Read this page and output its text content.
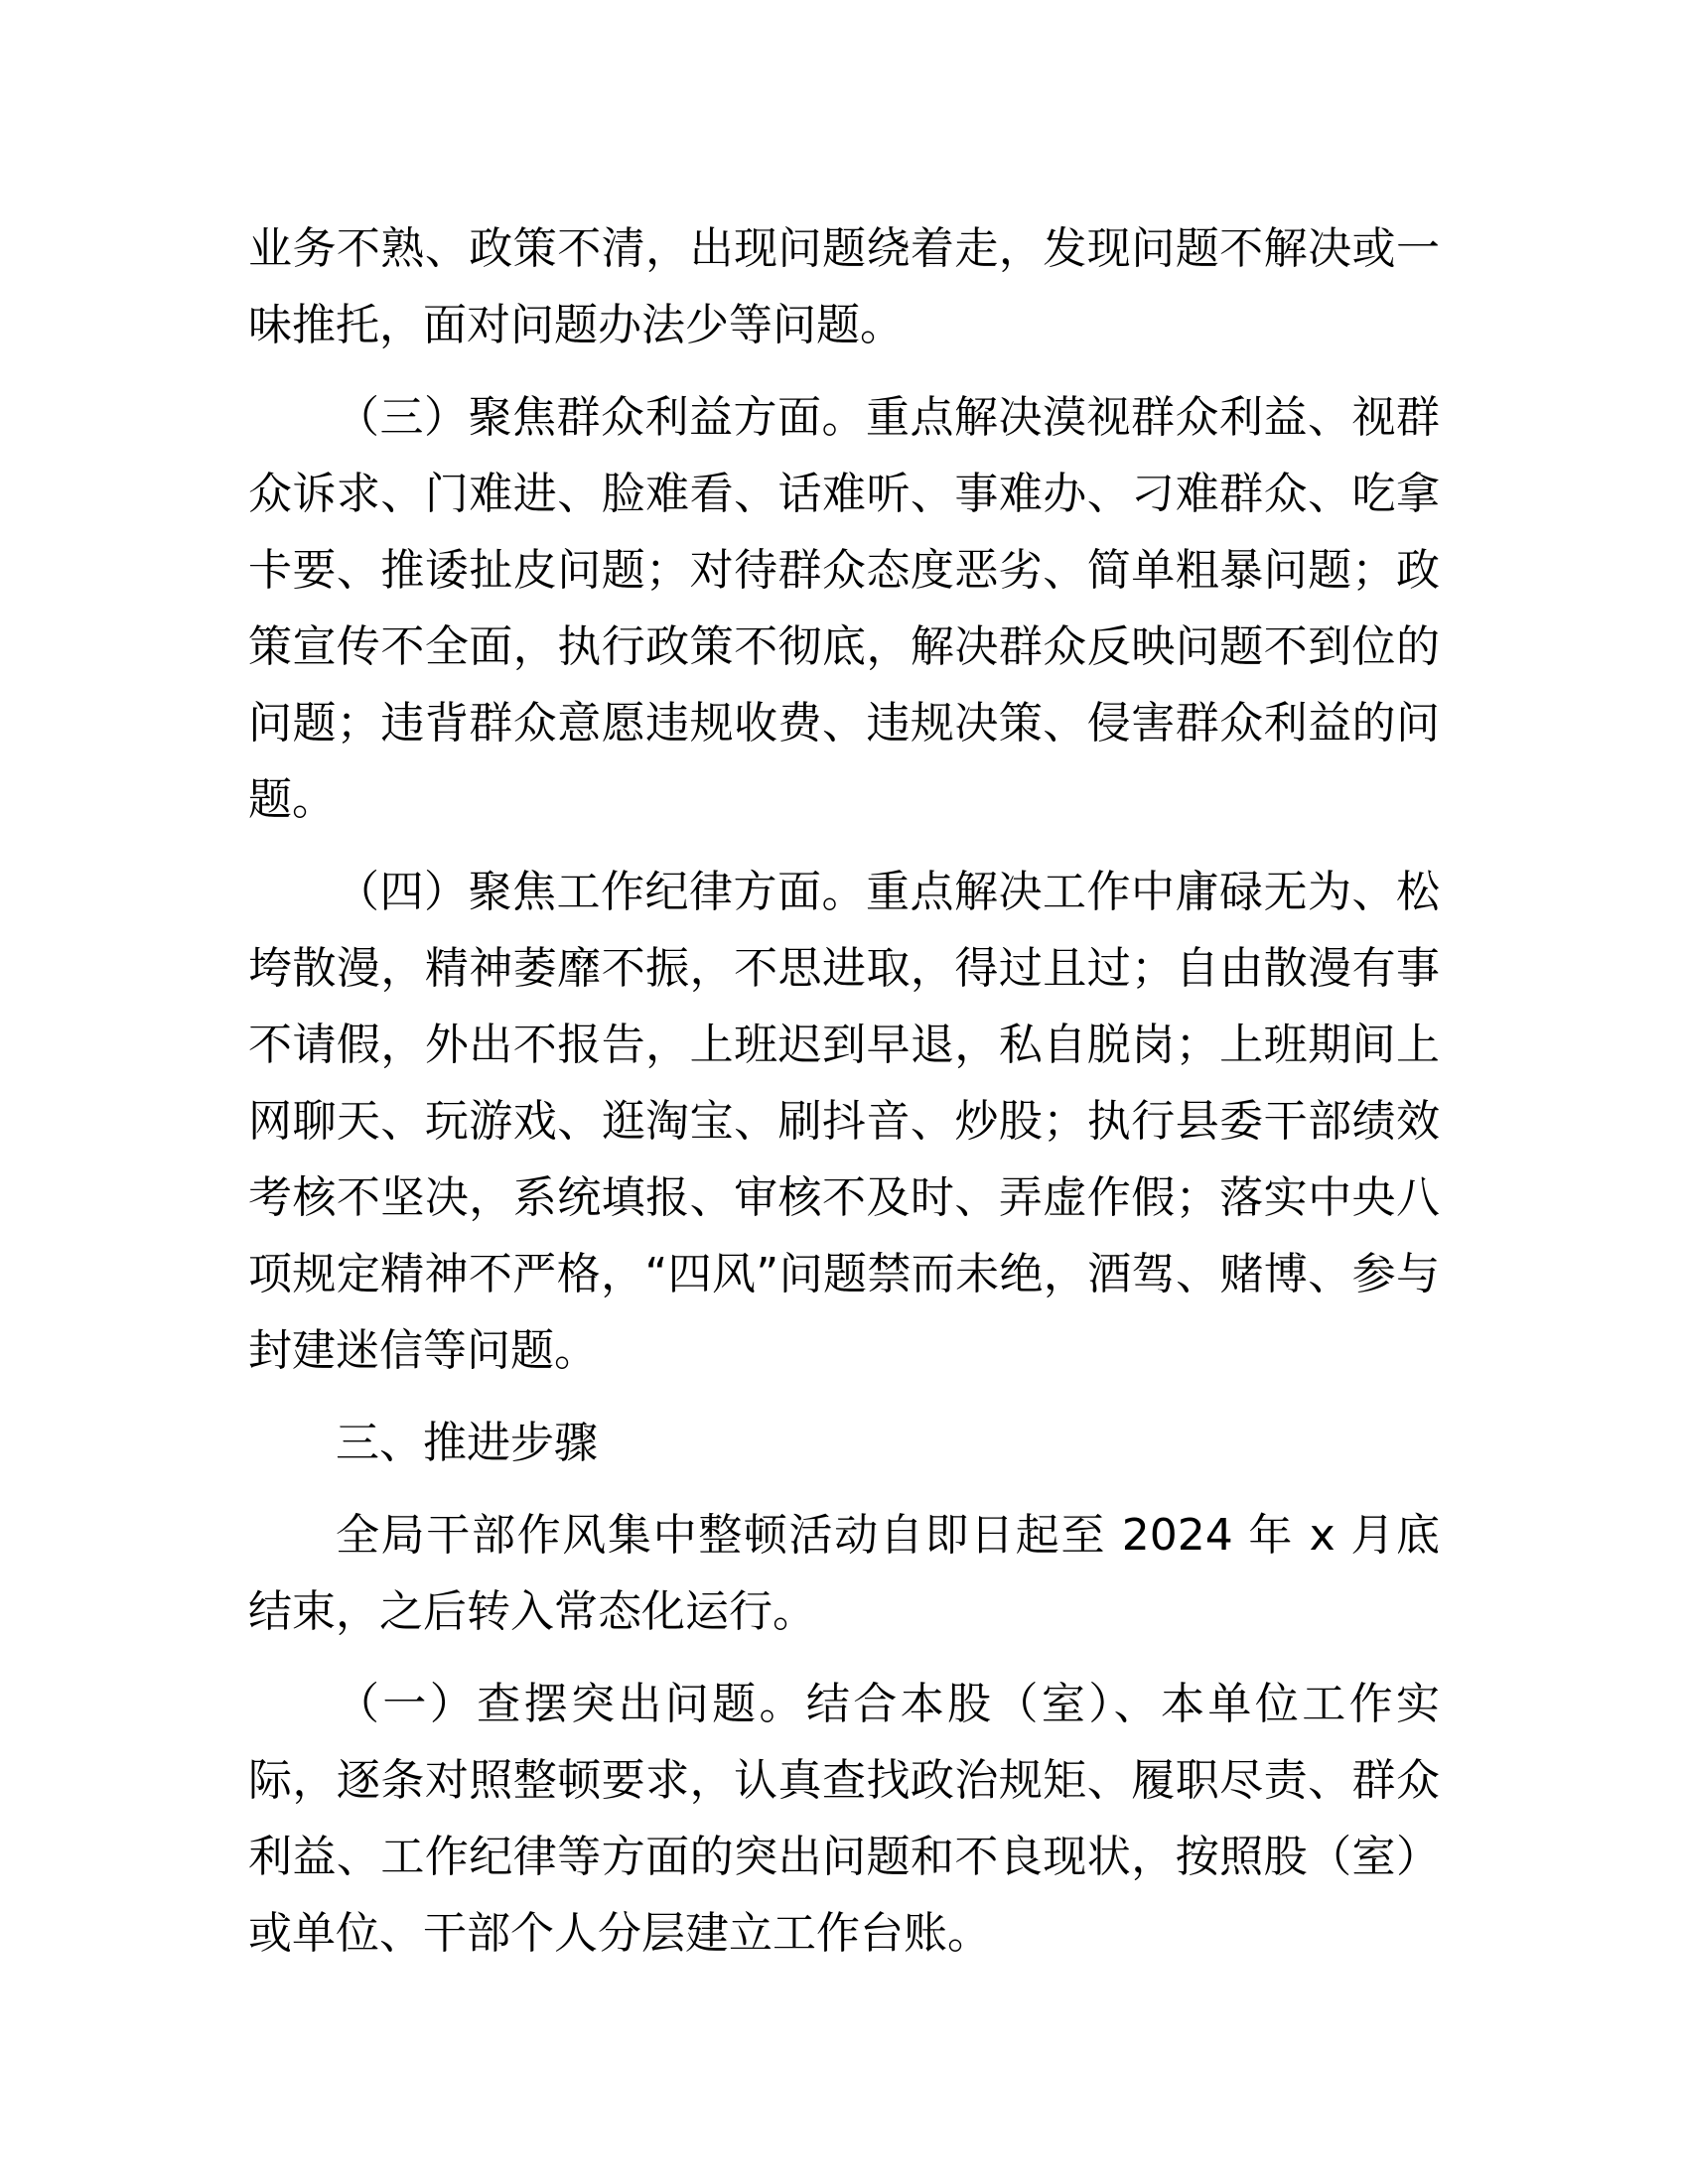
业务不熟、政策不清，出现问题绕着走，发现问题不解决或一味推托，面对问题办法少等问题。

（三）聚焦群众利益方面。重点解决漠视群众利益、视群众诉求、门难进、脸难看、话难听、事难办、刁难群众、吃拿卡要、推诿扯皮问题；对待群众态度恶劣、简单粗暴问题；政策宣传不全面，执行政策不彻底，解决群众反映问题不到位的问题；违背群众意愿违规收费、违规决策、侵害群众利益的问题。

（四）聚焦工作纪律方面。重点解决工作中庸碌无为、松垮散漫，精神萎靡不振，不思进取，得过且过；自由散漫有事不请假，外出不报告，上班迟到早退，私自脱岗；上班期间上网聊天、玩游戏、逛淘宝、刷抖音、炒股；执行县委干部绩效考核不坚决，系统填报、审核不及时、弄虚作假；落实中央八项规定精神不严格，“四风”问题禁而未绝，酒驾、赌博、参与封建迷信等问题。

三、推进步骤

全局干部作风集中整顿活动自即日起至 2024 年 x 月底结束，之后转入常态化运行。

（一）查摆突出问题。结合本股（室）、本单位工作实际，逐条对照整顿要求，认真查找政治规矩、履职尽责、群众利益、工作纪律等方面的突出问题和不良现状，按照股（室）或单位、干部个人分层建立工作台账。
